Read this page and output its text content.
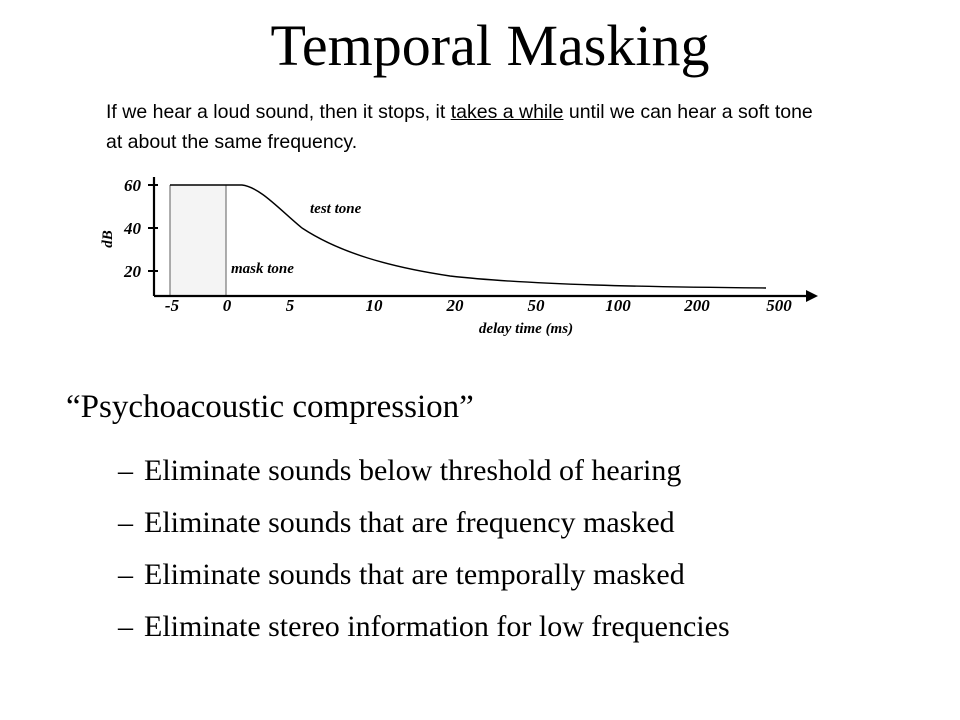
Temporal Masking
If we hear a loud sound, then it stops, it takes a while until we can hear a soft tone at about the same frequency.
60
40
20
dB
-5	0	5	10	20	50	100	200	500
delay time (ms)
test tone
mask tone
“Psychoacoustic compression”
– Eliminate sounds below threshold of hearing
– Eliminate sounds that are frequency masked
– Eliminate sounds that are temporally masked
– Eliminate stereo information for low frequencies
